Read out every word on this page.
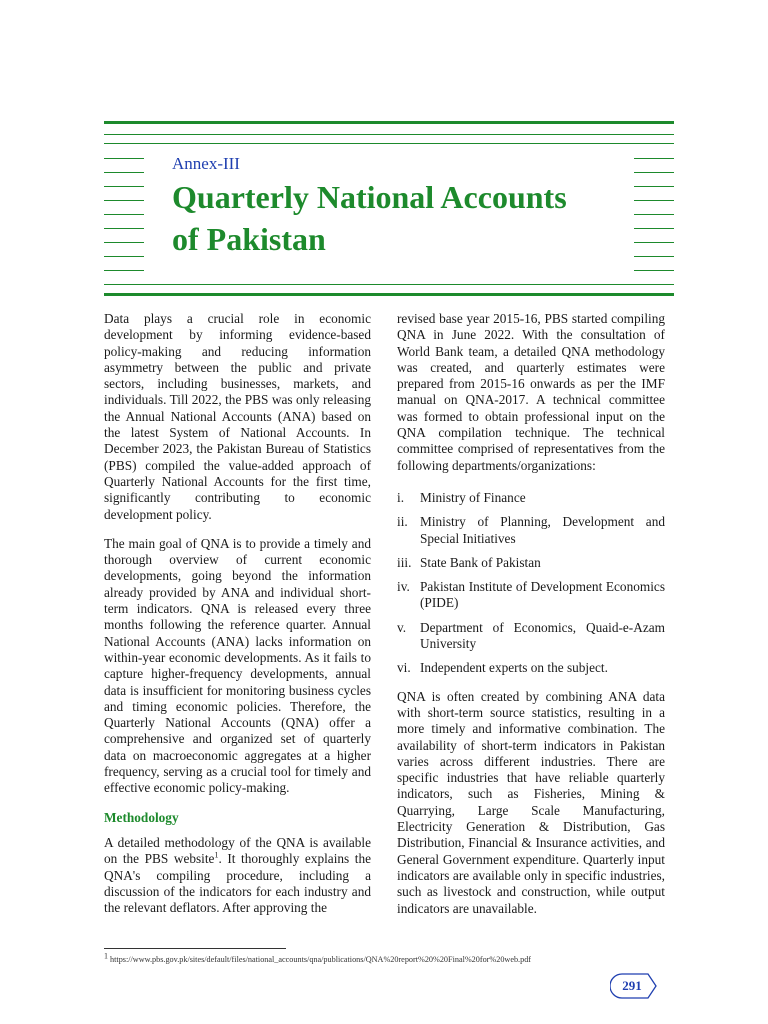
Annex-III
Quarterly National Accounts
of Pakistan

Data plays a crucial role in economic development by informing evidence-based policy-making and reducing information asymmetry between the public and private sectors, including businesses, markets, and individuals. Till 2022, the PBS was only releasing the Annual National Accounts (ANA) based on the latest System of National Accounts. In December 2023, the Pakistan Bureau of Statistics (PBS) compiled the value-added approach of Quarterly National Accounts for the first time, significantly contributing to economic development policy.

The main goal of QNA is to provide a timely and thorough overview of current economic developments, going beyond the information already provided by ANA and individual short-term indicators. QNA is released every three months following the reference quarter. Annual National Accounts (ANA) lacks information on within-year economic developments. As it fails to capture higher-frequency developments, annual data is insufficient for monitoring business cycles and timing economic policies. Therefore, the Quarterly National Accounts (QNA) offer a comprehensive and organized set of quarterly data on macroeconomic aggregates at a higher frequency, serving as a crucial tool for timely and effective economic policy-making.

Methodology

A detailed methodology of the QNA is available on the PBS website$^1$. It thoroughly explains the QNA's compiling procedure, including a discussion of the indicators for each industry and the relevant deflators. After approving the

revised base year 2015-16, PBS started compiling QNA in June 2022. With the consultation of World Bank team, a detailed QNA methodology was created, and quarterly estimates were prepared from 2015-16 onwards as per the IMF manual on QNA-2017. A technical committee was formed to obtain professional input on the QNA compilation technique. The technical committee comprised of representatives from the following departments/organizations:

i.	Ministry of Finance
ii. Ministry of Planning, Development and Special Initiatives
iii. State Bank of Pakistan
iv. Pakistan Institute of Development Economics (PIDE)
v.	Department of Economics, Quaid-e-Azam University
vi. Independent experts on the subject.

QNA is often created by combining ANA data with short-term source statistics, resulting in a more timely and informative combination. The availability of short-term indicators in Pakistan varies across different industries. There are specific industries that have reliable quarterly indicators, such as Fisheries, Mining & Quarrying, Large Scale Manufacturing, Electricity Generation & Distribution, Gas Distribution, Financial & Insurance activities, and General Government expenditure. Quarterly input indicators are available only in specific industries, such as livestock and construction, while output indicators are unavailable.

$^1$ https://www.pbs.gov.pk/sites/default/files/national_accounts/qna/publications/QNA%20report%20%20Final%20for%20web.pdf
291
